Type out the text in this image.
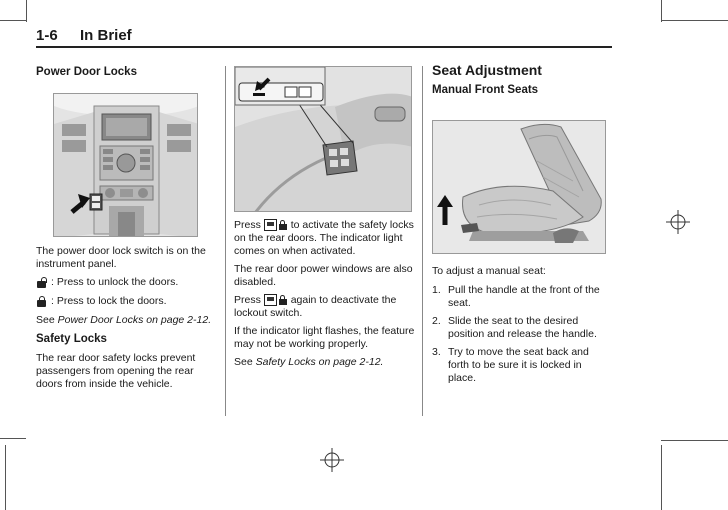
1-6 In Brief
Power Door Locks

The power door lock switch is on the instrument panel.

: Press to unlock the doors.
: Press to lock the doors.

See Power Door Locks on page 2-12.

Safety Locks

The rear door safety locks prevent passengers from opening the rear doors from inside the vehicle.

Press	to activate the safety locks on the rear doors. The indicator light comes on when activated.

The rear door power windows are also disabled.

Press	again to deactivate the lockout switch.

If the indicator light flashes, the feature may not be working properly.

See Safety Locks on page 2-12.

Seat Adjustment
Manual Front Seats

To adjust a manual seat:

1. Pull the handle at the front of the seat.
2. Slide the seat to the desired position and release the handle.
3. Try to move the seat back and forth to be sure it is locked in place.
